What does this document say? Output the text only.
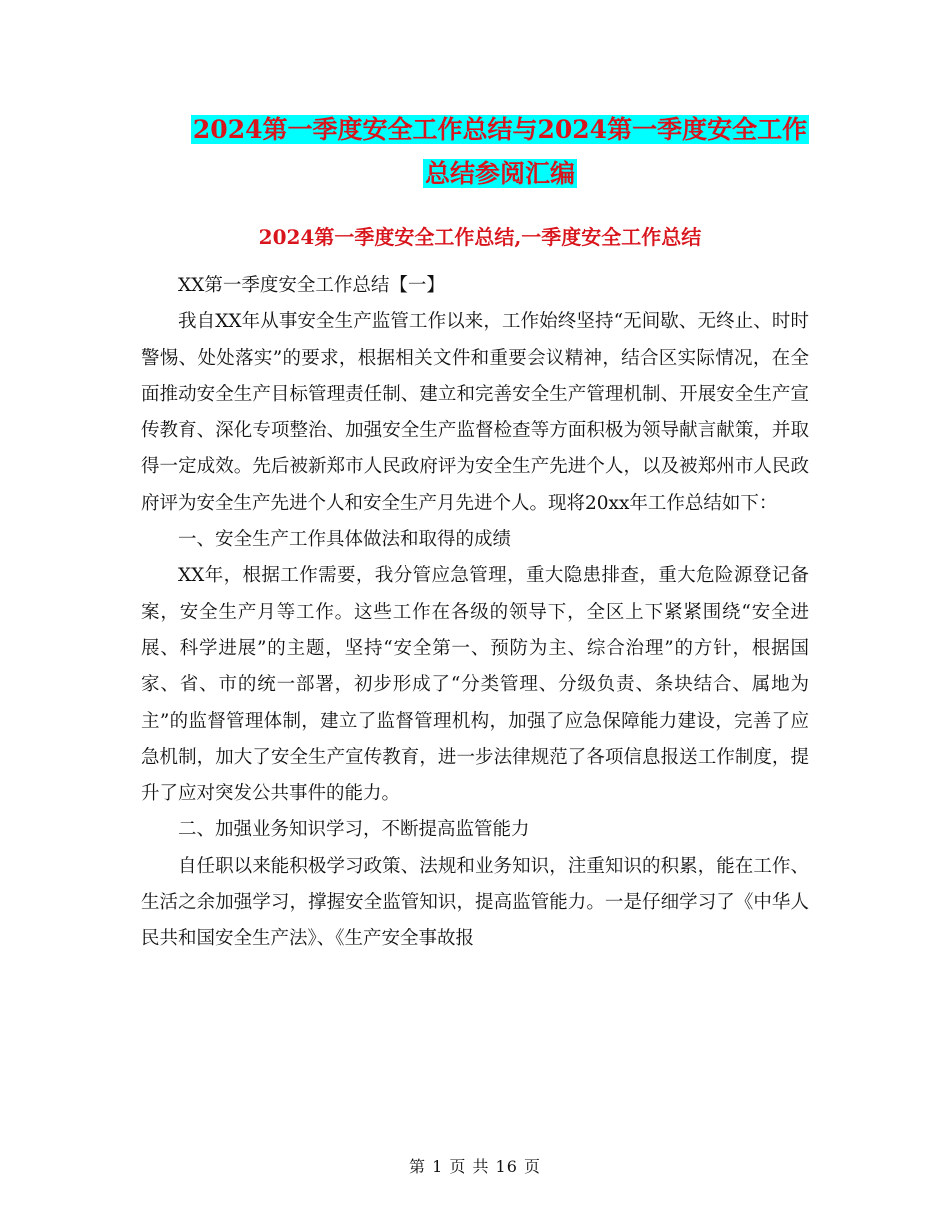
2024第一季度安全工作总结与2024第一季度安全工作
总结参阅汇编
2024第一季度安全工作总结,一季度安全工作总结

XX第一季度安全工作总结【一】

我自XX年从事安全生产监管工作以来，工作始终坚持“无间歇、无终止、时时警惕、处处落实”的要求，根据相关文件和重要会议精神，结合区实际情况，在全面推动安全生产目标管理责任制、建立和完善安全生产管理机制、开展安全生产宣传教育、深化专项整治、加强安全生产监督检查等方面积极为领导献言献策，并取得一定成效。先后被新郑市人民政府评为安全生产先进个人，以及被郑州市人民政府评为安全生产先进个人和安全生产月先进个人。现将20xx年工作总结如下：

一、安全生产工作具体做法和取得的成绩

XX年，根据工作需要，我分管应急管理，重大隐患排查，重大危险源登记备案，安全生产月等工作。这些工作在各级的领导下，全区上下紧紧围绕“安全进展、科学进展”的主题，坚持“安全第一、预防为主、综合治理”的方针，根据国家、省、市的统一部署，初步形成了“分类管理、分级负责、条块结合、属地为主”的监督管理体制，建立了监督管理机构，加强了应急保障能力建设，完善了应急机制，加大了安全生产宣传教育，进一步法律规范了各项信息报送工作制度，提升了应对突发公共事件的能力。

二、加强业务知识学习，不断提高监管能力

自任职以来能积极学习政策、法规和业务知识，注重知识的积累，能在工作、生活之余加强学习，撑握安全监管知识，提高监管能力。一是仔细学习了《中华人民共和国安全生产法》、《生产安全事故报

第 1 页 共 16 页
